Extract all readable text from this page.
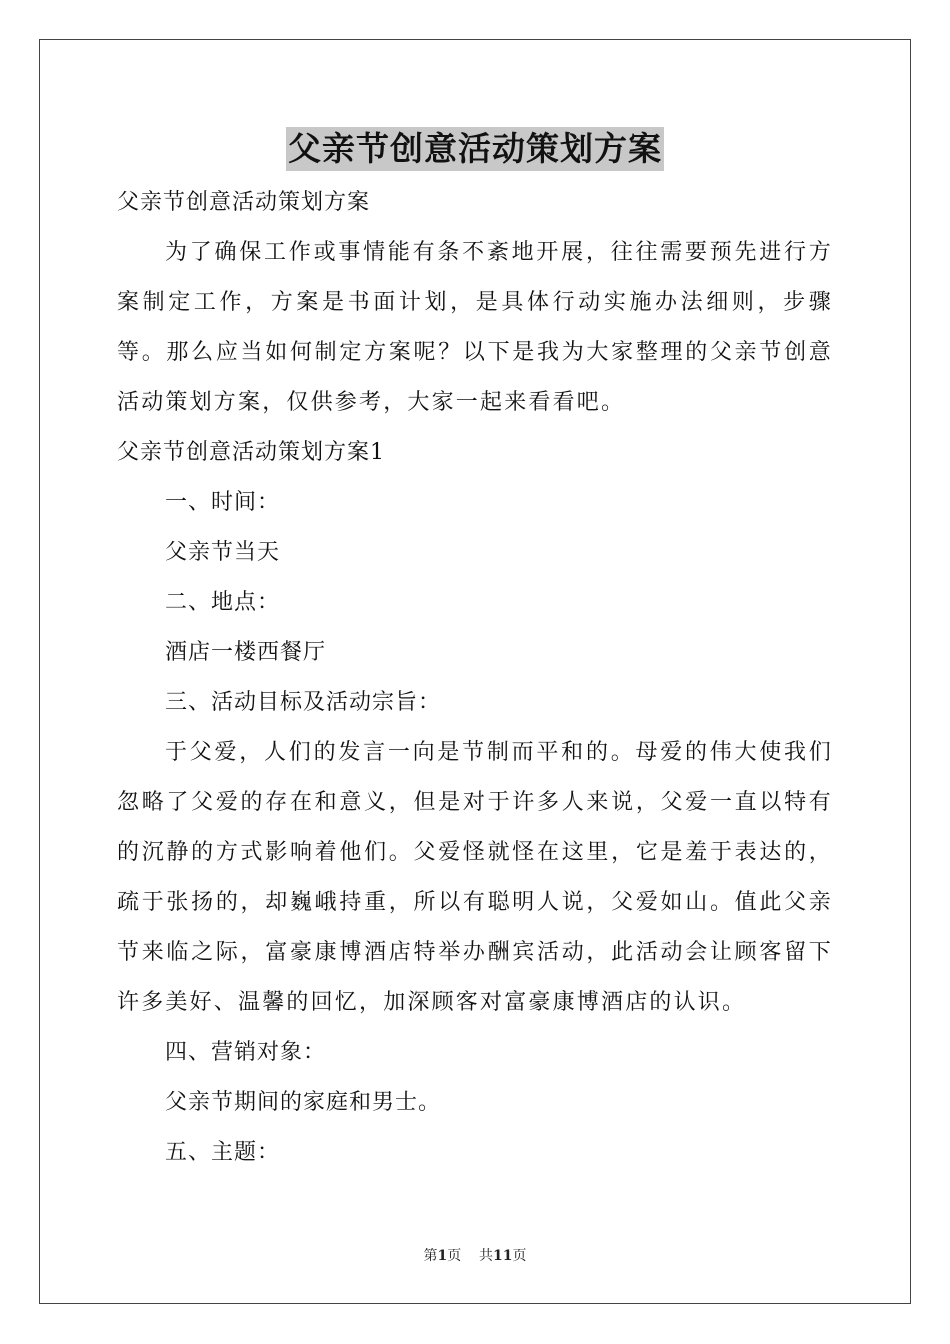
父亲节创意活动策划方案
父亲节创意活动策划方案
为了确保工作或事情能有条不紊地开展，往往需要预先进行方案制定工作，方案是书面计划，是具体行动实施办法细则，步骤等。那么应当如何制定方案呢？以下是我为大家整理的父亲节创意活动策划方案，仅供参考，大家一起来看看吧。
父亲节创意活动策划方案1
一、时间：
父亲节当天
二、地点：
酒店一楼西餐厅
三、活动目标及活动宗旨：
于父爱，人们的发言一向是节制而平和的。母爱的伟大使我们忽略了父爱的存在和意义，但是对于许多人来说，父爱一直以特有的沉静的方式影响着他们。父爱怪就怪在这里，它是羞于表达的，疏于张扬的，却巍峨持重，所以有聪明人说，父爱如山。值此父亲节来临之际，富豪康博酒店特举办酬宾活动，此活动会让顾客留下许多美好、温馨的回忆，加深顾客对富豪康博酒店的认识。
四、营销对象：
父亲节期间的家庭和男士。
五、主题：
第1页 共11页
